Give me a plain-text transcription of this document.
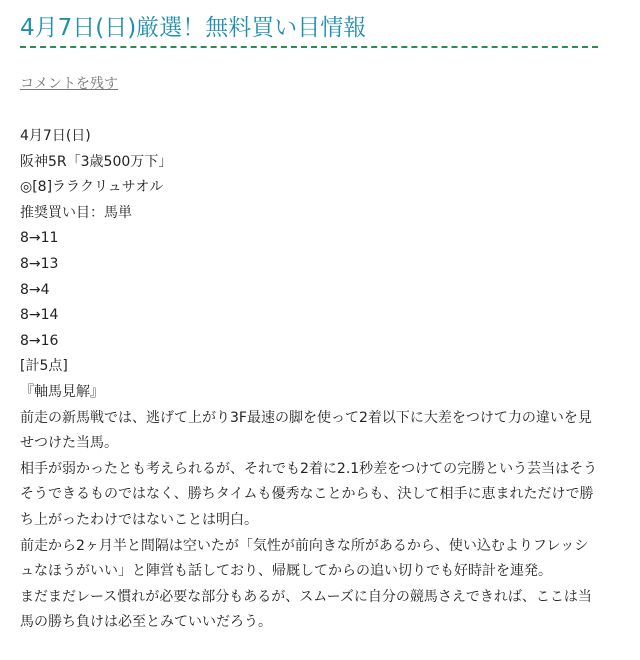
4月7日(日)厳選！無料買い目情報
コメントを残す
4月7日(日)
阪神5R「3歳500万下」
◎[8]ララクリュサオル
推奨買い目：馬単
8→11
8→13
8→4
8→14
8→16
[計5点]
『軸馬見解』
前走の新馬戦では、逃げて上がり3F最速の脚を使って2着以下に大差をつけて力の違いを見せつけた当馬。
相手が弱かったとも考えられるが、それでも2着に2.1秒差をつけての完勝という芸当はそうそうできるものではなく、勝ちタイムも優秀なことからも、決して相手に恵まれただけで勝ち上がったわけではないことは明白。
前走から2ヶ月半と間隔は空いたが「気性が前向きな所があるから、使い込むよりフレッシュなほうがいい」と陣営も話しており、帰厩してからの追い切りでも好時計を連発。
まだまだレース慣れが必要な部分もあるが、スムーズに自分の競馬さえできれば、ここは当馬の勝ち負けは必至とみていいだろう。
